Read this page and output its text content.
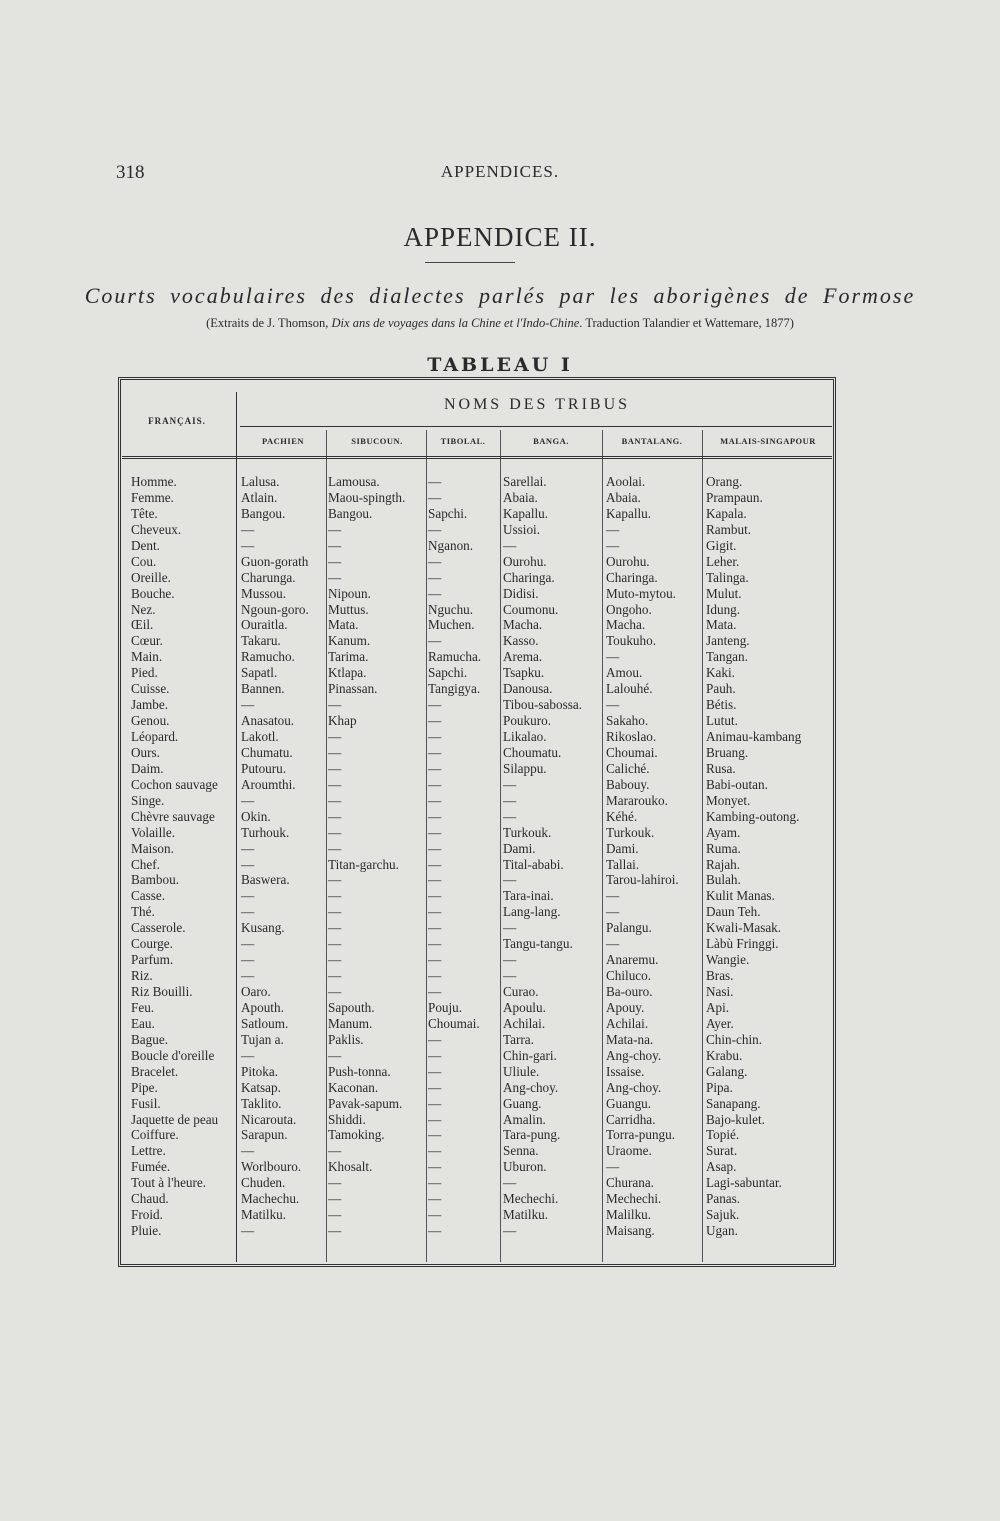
318	APPENDICES.
APPENDICE II.
Courts vocabulaires des dialectes parlés par les aborigènes de Formose
(Extraits de J. Thomson, Dix ans de voyages dans la Chine et l'Indo-Chine. Traduction Talandier et Wattemare, 1877)
TABLEAU I
FRANÇAIS.
NOMS DES TRIBUS
PACHIEN	SIBUCOUN.	TIBOLAL.	BANGA.	BANTALANG.	MALAIS-SINGAPOUR
Homme.	Lalusa.	Lamousa.	—	Sarellai.	Aoolai.	Orang.
Femme.	Atlain.	Maou-spingth.	—	Abaia.	Abaia.	Prampaun.
Tête.	Bangou.	Bangou.	Sapchi.	Kapallu.	Kapallu.	Kapala.
Cheveux.	—	—	—	Ussioi.	—	Rambut.
Dent.	—	—	Nganon.	—	—	Gigit.
Cou.	Guon-gorath	—	—	Ourohu.	Ourohu.	Leher.
Oreille.	Charunga.	—	—	Charinga.	Charinga.	Talinga.
Bouche.	Mussou.	Nipoun.	—	Didisi.	Muto-mytou.	Mulut.
Nez.	Ngoun-goro.	Muttus.	Nguchu.	Coumonu.	Ongoho.	Idung.
Œil.	Ouraitla.	Mata.	Muchen.	Macha.	Macha.	Mata.
Cœur.	Takaru.	Kanum.	—	Kasso.	Toukuho.	Janteng.
Main.	Ramucho.	Tarima.	Ramucha.	Arema.	—	Tangan.
Pied.	Sapatl.	Ktlapa.	Sapchi.	Tsapku.	Amou.	Kaki.
Cuisse.	Bannen.	Pinassan.	Tangigya.	Danousa.	Lalouhé.	Pauh.
Jambe.	—	—	—	Tibou-sabossa.	—	Bétis.
Genou.	Anasatou.	Khap	—	Poukuro.	Sakaho.	Lutut.
Léopard.	Lakotl.	—	—	Likalao.	Rikoslao.	Animau-kambang
Ours.	Chumatu.	—	—	Choumatu.	Choumai.	Bruang.
Daim.	Putouru.	—	—	Silappu.	Caliché.	Rusa.
Cochon sauvage	Aroumthi.	—	—	—	Babouy.	Babi-outan.
Singe.	—	—	—	—	Mararouko.	Monyet.
Chèvre sauvage	Okin.	—	—	—	Kéhé.	Kambing-outong.
Volaille.	Turhouk.	—	—	Turkouk.	Turkouk.	Ayam.
Maison.	—	—	—	Dami.	Dami.	Ruma.
Chef.	—	Titan-garchu.	—	Tital-ababi.	Tallai.	Rajah.
Bambou.	Baswera.	—	—	—	Tarou-lahiroi.	Bulah.
Casse.	—	—	—	Tara-inai.	—	Kulit Manas.
Thé.	—	—	—	Lang-lang.	—	Daun Teh.
Casserole.	Kusang.	—	—	—	Palangu.	Kwali-Masak.
Courge.	—	—	—	Tangu-tangu.	—	Làbù Fringgi.
Parfum.	—	—	—	—	Anaremu.	Wangie.
Riz.	—	—	—	—	Chiluco.	Bras.
Riz Bouilli.	Oaro.	—	—	Curao.	Ba-ouro.	Nasi.
Feu.	Apouth.	Sapouth.	Pouju.	Apoulu.	Apouy.	Api.
Eau.	Satloum.	Manum.	Choumai.	Achilai.	Achilai.	Ayer.
Bague.	Tujan a.	Paklis.	—	Tarra.	Mata-na.	Chin-chin.
Boucle d'oreille	—	—	—	Chin-gari.	Ang-choy.	Krabu.
Bracelet.	Pitoka.	Push-tonna.	—	Uliule.	Issaise.	Galang.
Pipe.	Katsap.	Kaconan.	—	Ang-choy.	Ang-choy.	Pipa.
Fusil.	Taklito.	Pavak-sapum.	—	Guang.	Guangu.	Sanapang.
Jaquette de peau	Nicarouta.	Shiddi.	—	Amalin.	Carridha.	Bajo-kulet.
Coiffure.	Sarapun.	Tamoking.	—	Tara-pung.	Torra-pungu.	Topié.
Lettre.	—	—	—	Senna.	Uraome.	Surat.
Fumée.	Worlbouro.	Khosalt.	—	Uburon.	—	Asap.
Tout à l'heure.	Chuden.	—	—	—	Churana.	Lagi-sabuntar.
Chaud.	Machechu.	—	—	Mechechi.	Mechechi.	Panas.
Froid.	Matilku.	—	—	Matilku.	Malilku.	Sajuk.
Pluie.	—	—	—	—	Maisang.	Ugan.
